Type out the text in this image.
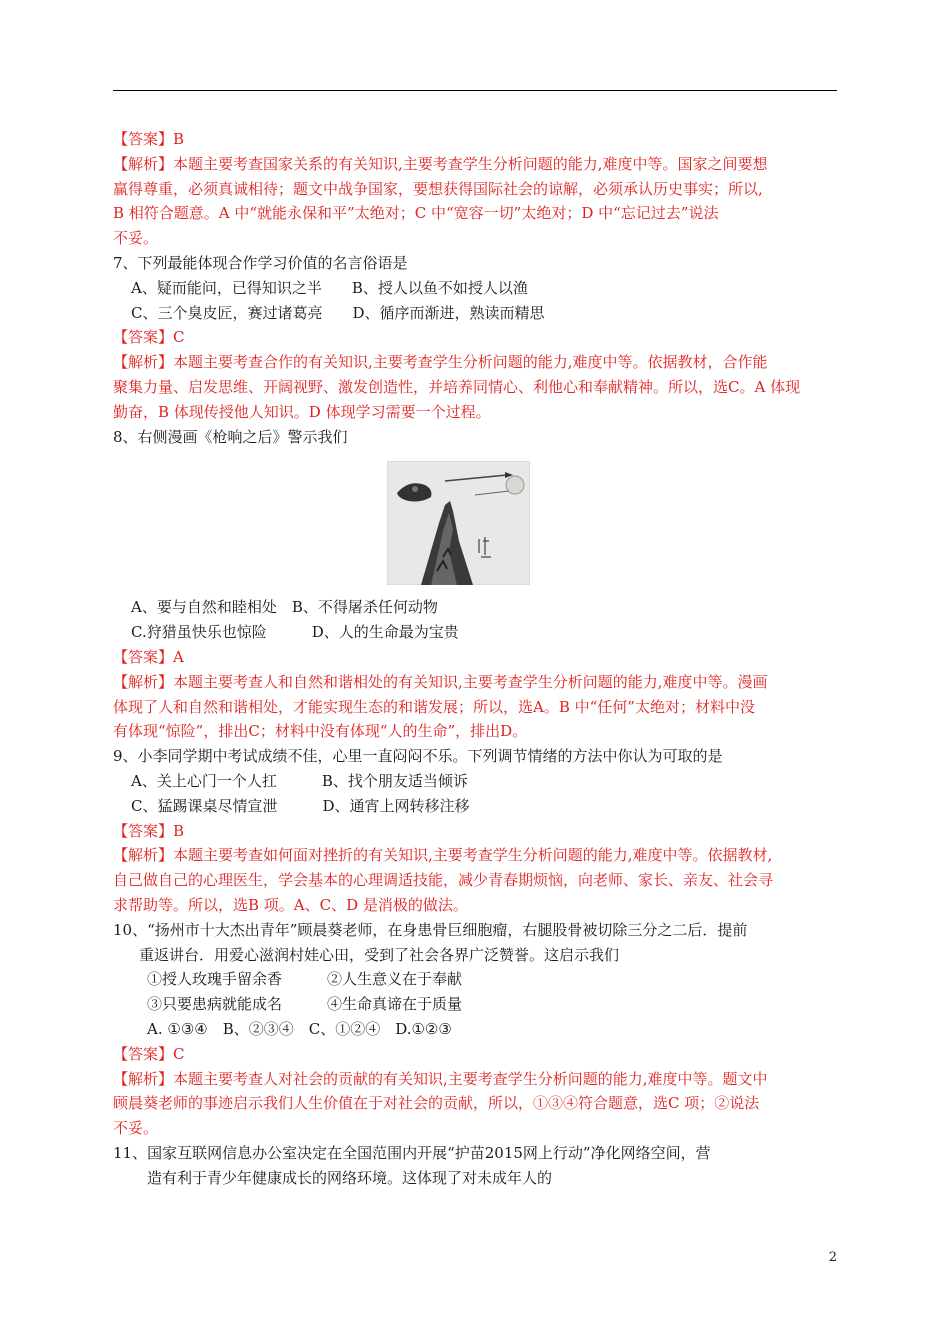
【答案】B
【解析】本题主要考查国家关系的有关知识,主要考查学生分析问题的能力,难度中等。国家之间要想
赢得尊重，必须真诚相待；题文中战争国家，要想获得国际社会的谅解，必须承认历史事实；所以,
B 相符合题意。A 中“就能永保和平”太绝对；C 中“宽容一切”太绝对；D 中“忘记过去”说法
不妥。
7、下列最能体现合作学习价值的名言俗语是
A、疑而能问，已得知识之半　　 B、授人以鱼不如授人以渔
C、三个臭皮匠，赛过诸葛亮　　 D、循序而渐进，熟读而精思
【答案】C
【解析】本题主要考查合作的有关知识,主要考查学生分析问题的能力,难度中等。依据教材，合作能
聚集力量、启发思维、开阔视野、激发创造性，并培养同情心、利他心和奉献精神。所以，选C。A 体现
勤奋，B 体现传授他人知识。D 体现学习需要一个过程。
8、右侧漫画《枪响之后》警示我们
A、要与自然和睦相处　 B、不得屠杀任何动物
C.狩猎虽快乐也惊险　　　	D、人的生命最为宝贵
【答案】A
【解析】本题主要考查人和自然和谐相处的有关知识,主要考查学生分析问题的能力,难度中等。漫画
体现了人和自然和谐相处，才能实现生态的和谐发展；所以，选A。B 中“任何”太绝对；材料中没
有体现“惊险”，排出C；材料中没有体现“人的生命”，排出D。
9、小李同学期中考试成绩不佳，心里一直闷闷不乐。下列调节情绪的方法中你认为可取的是
A、关上心门一个人扛　　　	B、找个朋友适当倾诉
C、猛踢课桌尽情宣泄　　　	D、通宵上网转移注移
【答案】B
【解析】本题主要考查如何面对挫折的有关知识,主要考查学生分析问题的能力,难度中等。依据教材,
自己做自己的心理医生，学会基本的心理调适技能，减少青春期烦恼，向老师、家长、亲友、社会寻
求帮助等。所以，选B 项。A、C、D 是消极的做法。
10、“扬州市十大杰出青年”顾晨葵老师，在身患骨巨细胞瘤，右腿股骨被切除三分之二后．提前
重返讲台．用爱心滋润村娃心田，受到了社会各界广泛赞誉。这启示我们
①授人玫瑰手留余香　　　	②人生意义在于奉献
③只要患病就能成名　　　	④生命真谛在于质量
A. ①③④　B、②③④　C、①②④　D.①②③
【答案】C
【解析】本题主要考查人对社会的贡献的有关知识,主要考查学生分析问题的能力,难度中等。题文中
顾晨葵老师的事迹启示我们人生价值在于对社会的贡献，所以，①③④符合题意，选C 项；②说法
不妥。
11、国家互联网信息办公室决定在全国范围内开展“护苗2015网上行动”净化网络空间，营
造有利于青少年健康成长的网络环境。这体现了对未成年人的
2
